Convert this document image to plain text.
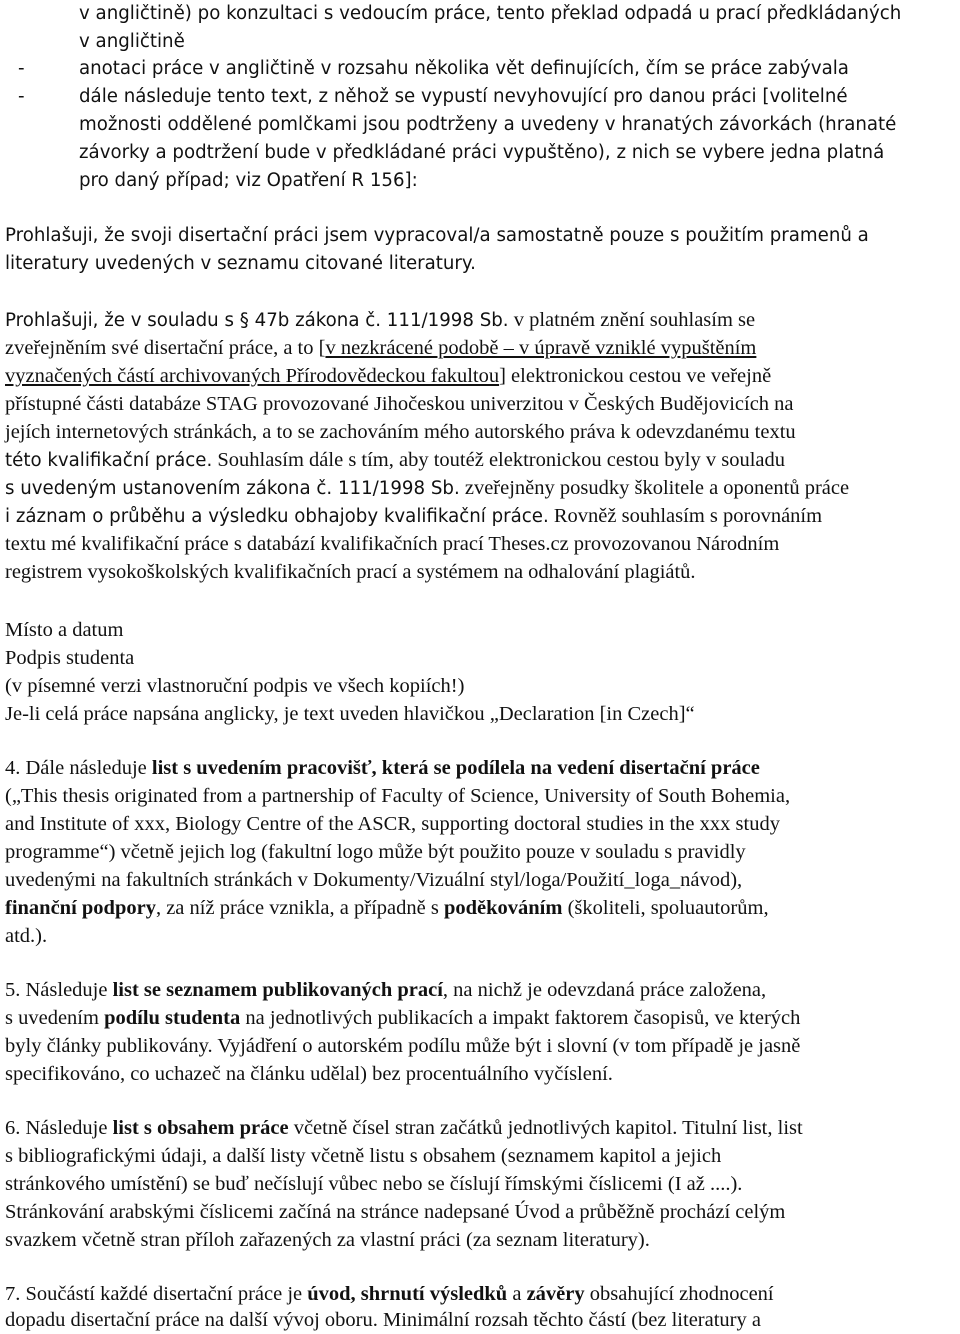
v angličtině) po konzultaci s vedoucím práce, tento překlad odpadá u prací předkládaných
v angličtině
-	anotaci práce v angličtině v rozsahu několika vět definujících, čím se práce zabývala
-	dále následuje tento text, z něhož se vypustí nevyhovující pro danou práci [volitelné
možnosti oddělené pomlčkami jsou podtrženy a uvedeny v hranatých závorkách (hranaté
závorky a podtržení bude v předkládané práci vypuštěno), z nich se vybere jedna platná
pro daný případ; viz Opatření R 156]:
Prohlašuji, že svoji disertační práci jsem vypracoval/a samostatně pouze s použitím pramenů a
literatury uvedených v seznamu citované literatury.
Prohlašuji, že v souladu s § 47b zákona č. 111/1998 Sb. v platném znění souhlasím se
zveřejněním své disertační práce, a to [v nezkrácené podobě – v úpravě vzniklé vypuštěním
vyznačených částí archivovaných Přírodovědeckou fakultou] elektronickou cestou ve veřejně
přístupné části databáze STAG provozované Jihočeskou univerzitou v Českých Budějovicích na
jejích internetových stránkách, a to se zachováním mého autorského práva k odevzdanému textu
této kvalifikační práce. Souhlasím dále s tím, aby toutéž elektronickou cestou byly v souladu
s uvedeným ustanovením zákona č. 111/1998 Sb. zveřejněny posudky školitele a oponentů práce
i záznam o průběhu a výsledku obhajoby kvalifikační práce. Rovněž souhlasím s porovnáním
textu mé kvalifikační práce s databází kvalifikačních prací Theses.cz provozovanou Národním
registrem vysokoškolských kvalifikačních prací a systémem na odhalování plagiátů.
Místo a datum
Podpis studenta
(v písemné verzi vlastnoruční podpis ve všech kopiích!)
Je-li celá práce napsána anglicky, je text uveden hlavičkou „Declaration [in Czech]“
4. Dále následuje list s uvedením pracovišť, která se podílela na vedení disertační práce
(„This thesis originated from a partnership of Faculty of Science, University of South Bohemia,
and Institute of xxx, Biology Centre of the ASCR, supporting doctoral studies in the xxx study
programme“) včetně jejich log (fakultní logo může být použito pouze v souladu s pravidly
uvedenými na fakultních stránkách v Dokumenty/Vizuální styl/loga/Použití_loga_návod),
finanční podpory, za níž práce vznikla, a případně s poděkováním (školiteli, spoluautorům,
atd.).
5. Následuje list se seznamem publikovaných prací, na nichž je odevzdaná práce založena,
s uvedením podílu studenta na jednotlivých publikacích a impakt faktorem časopisů, ve kterých
byly články publikovány. Vyjádření o autorském podílu může být i slovní (v tom případě je jasně
specifikováno, co uchazeč na článku udělal) bez procentuálního vyčíslení.
6. Následuje list s obsahem práce včetně čísel stran začátků jednotlivých kapitol. Titulní list, list
s bibliografickými údaji, a další listy včetně listu s obsahem (seznamem kapitol a jejich
stránkového umístění) se buď nečíslují vůbec nebo se číslují římskými číslicemi (I až ....).
Stránkování arabskými číslicemi začíná na stránce nadepsané Úvod a průběžně prochází celým
svazkem včetně stran příloh zařazených za vlastní práci (za seznam literatury).
7. Součástí každé disertační práce je úvod, shrnutí výsledků a závěry obsahující zhodnocení
dopadu disertační práce na další vývoj oboru. Minimální rozsah těchto částí (bez literatury a
